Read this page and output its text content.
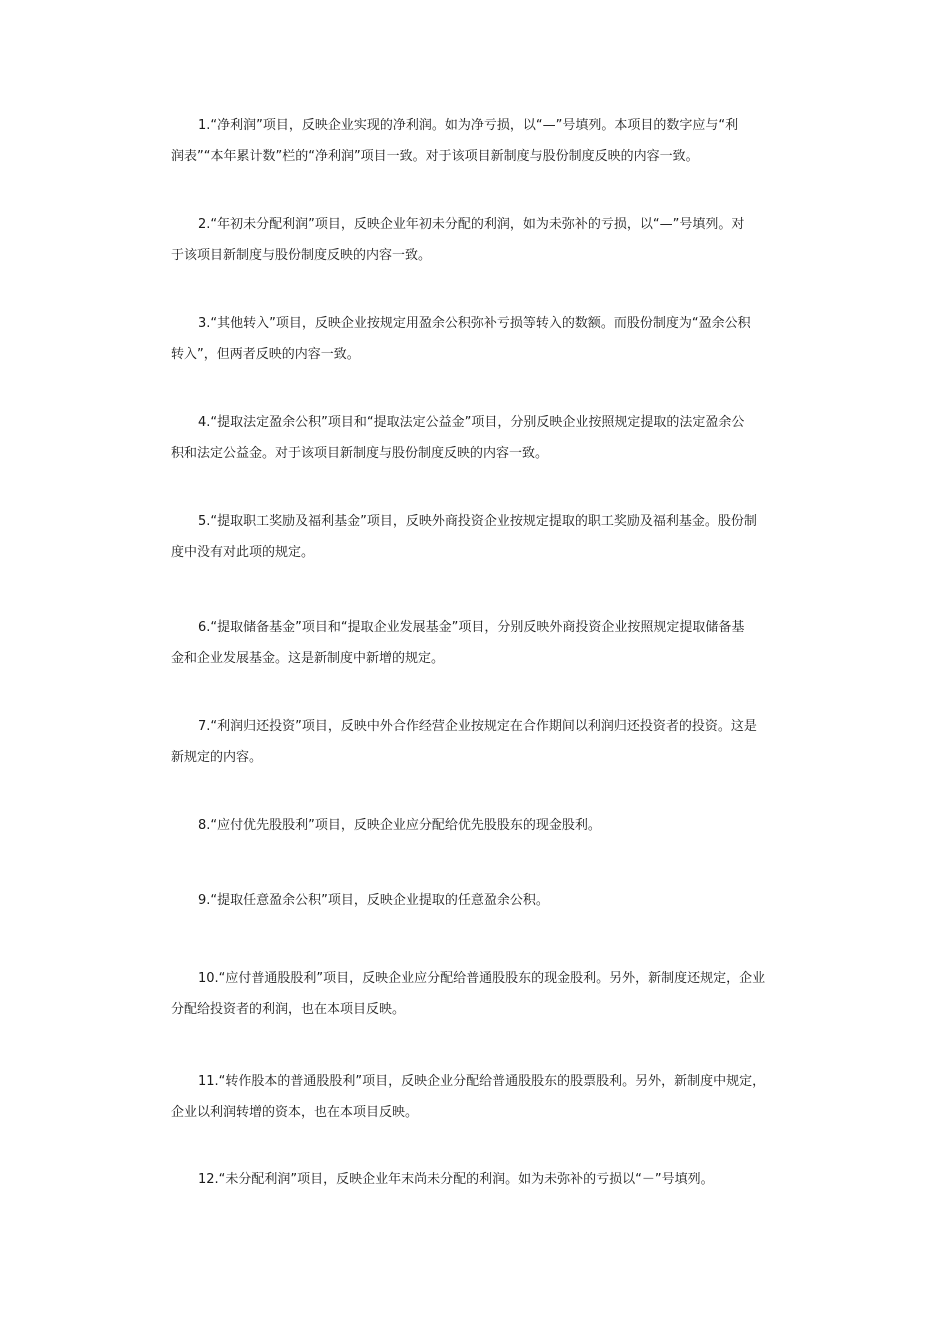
1.“净利润”项目，反映企业实现的净利润。如为净亏损，以“—”号填列。本项目的数字应与“利
润表”“本年累计数”栏的“净利润”项目一致。对于该项目新制度与股份制度反映的内容一致。

2.“年初未分配利润”项目，反映企业年初未分配的利润，如为未弥补的亏损，以“—”号填列。对
于该项目新制度与股份制度反映的内容一致。

3.“其他转入”项目，反映企业按规定用盈余公积弥补亏损等转入的数额。而股份制度为“盈余公积
转入”，但两者反映的内容一致。

4.“提取法定盈余公积”项目和“提取法定公益金”项目，分别反映企业按照规定提取的法定盈余公
积和法定公益金。对于该项目新制度与股份制度反映的内容一致。

5.“提取职工奖励及福利基金”项目，反映外商投资企业按规定提取的职工奖励及福利基金。股份制
度中没有对此项的规定。

6.“提取储备基金”项目和“提取企业发展基金”项目，分别反映外商投资企业按照规定提取储备基
金和企业发展基金。这是新制度中新增的规定。

7.“利润归还投资”项目，反映中外合作经营企业按规定在合作期间以利润归还投资者的投资。这是
新规定的内容。

8.“应付优先股股利”项目，反映企业应分配给优先股股东的现金股利。

9.“提取任意盈余公积”项目，反映企业提取的任意盈余公积。

10.“应付普通股股利”项目，反映企业应分配给普通股股东的现金股利。另外，新制度还规定，企业
分配给投资者的利润，也在本项目反映。

11.“转作股本的普通股股利”项目，反映企业分配给普通股股东的股票股利。另外，新制度中规定，
企业以利润转增的资本，也在本项目反映。

12.“未分配利润”项目，反映企业年末尚未分配的利润。如为未弥补的亏损以“－”号填列。
